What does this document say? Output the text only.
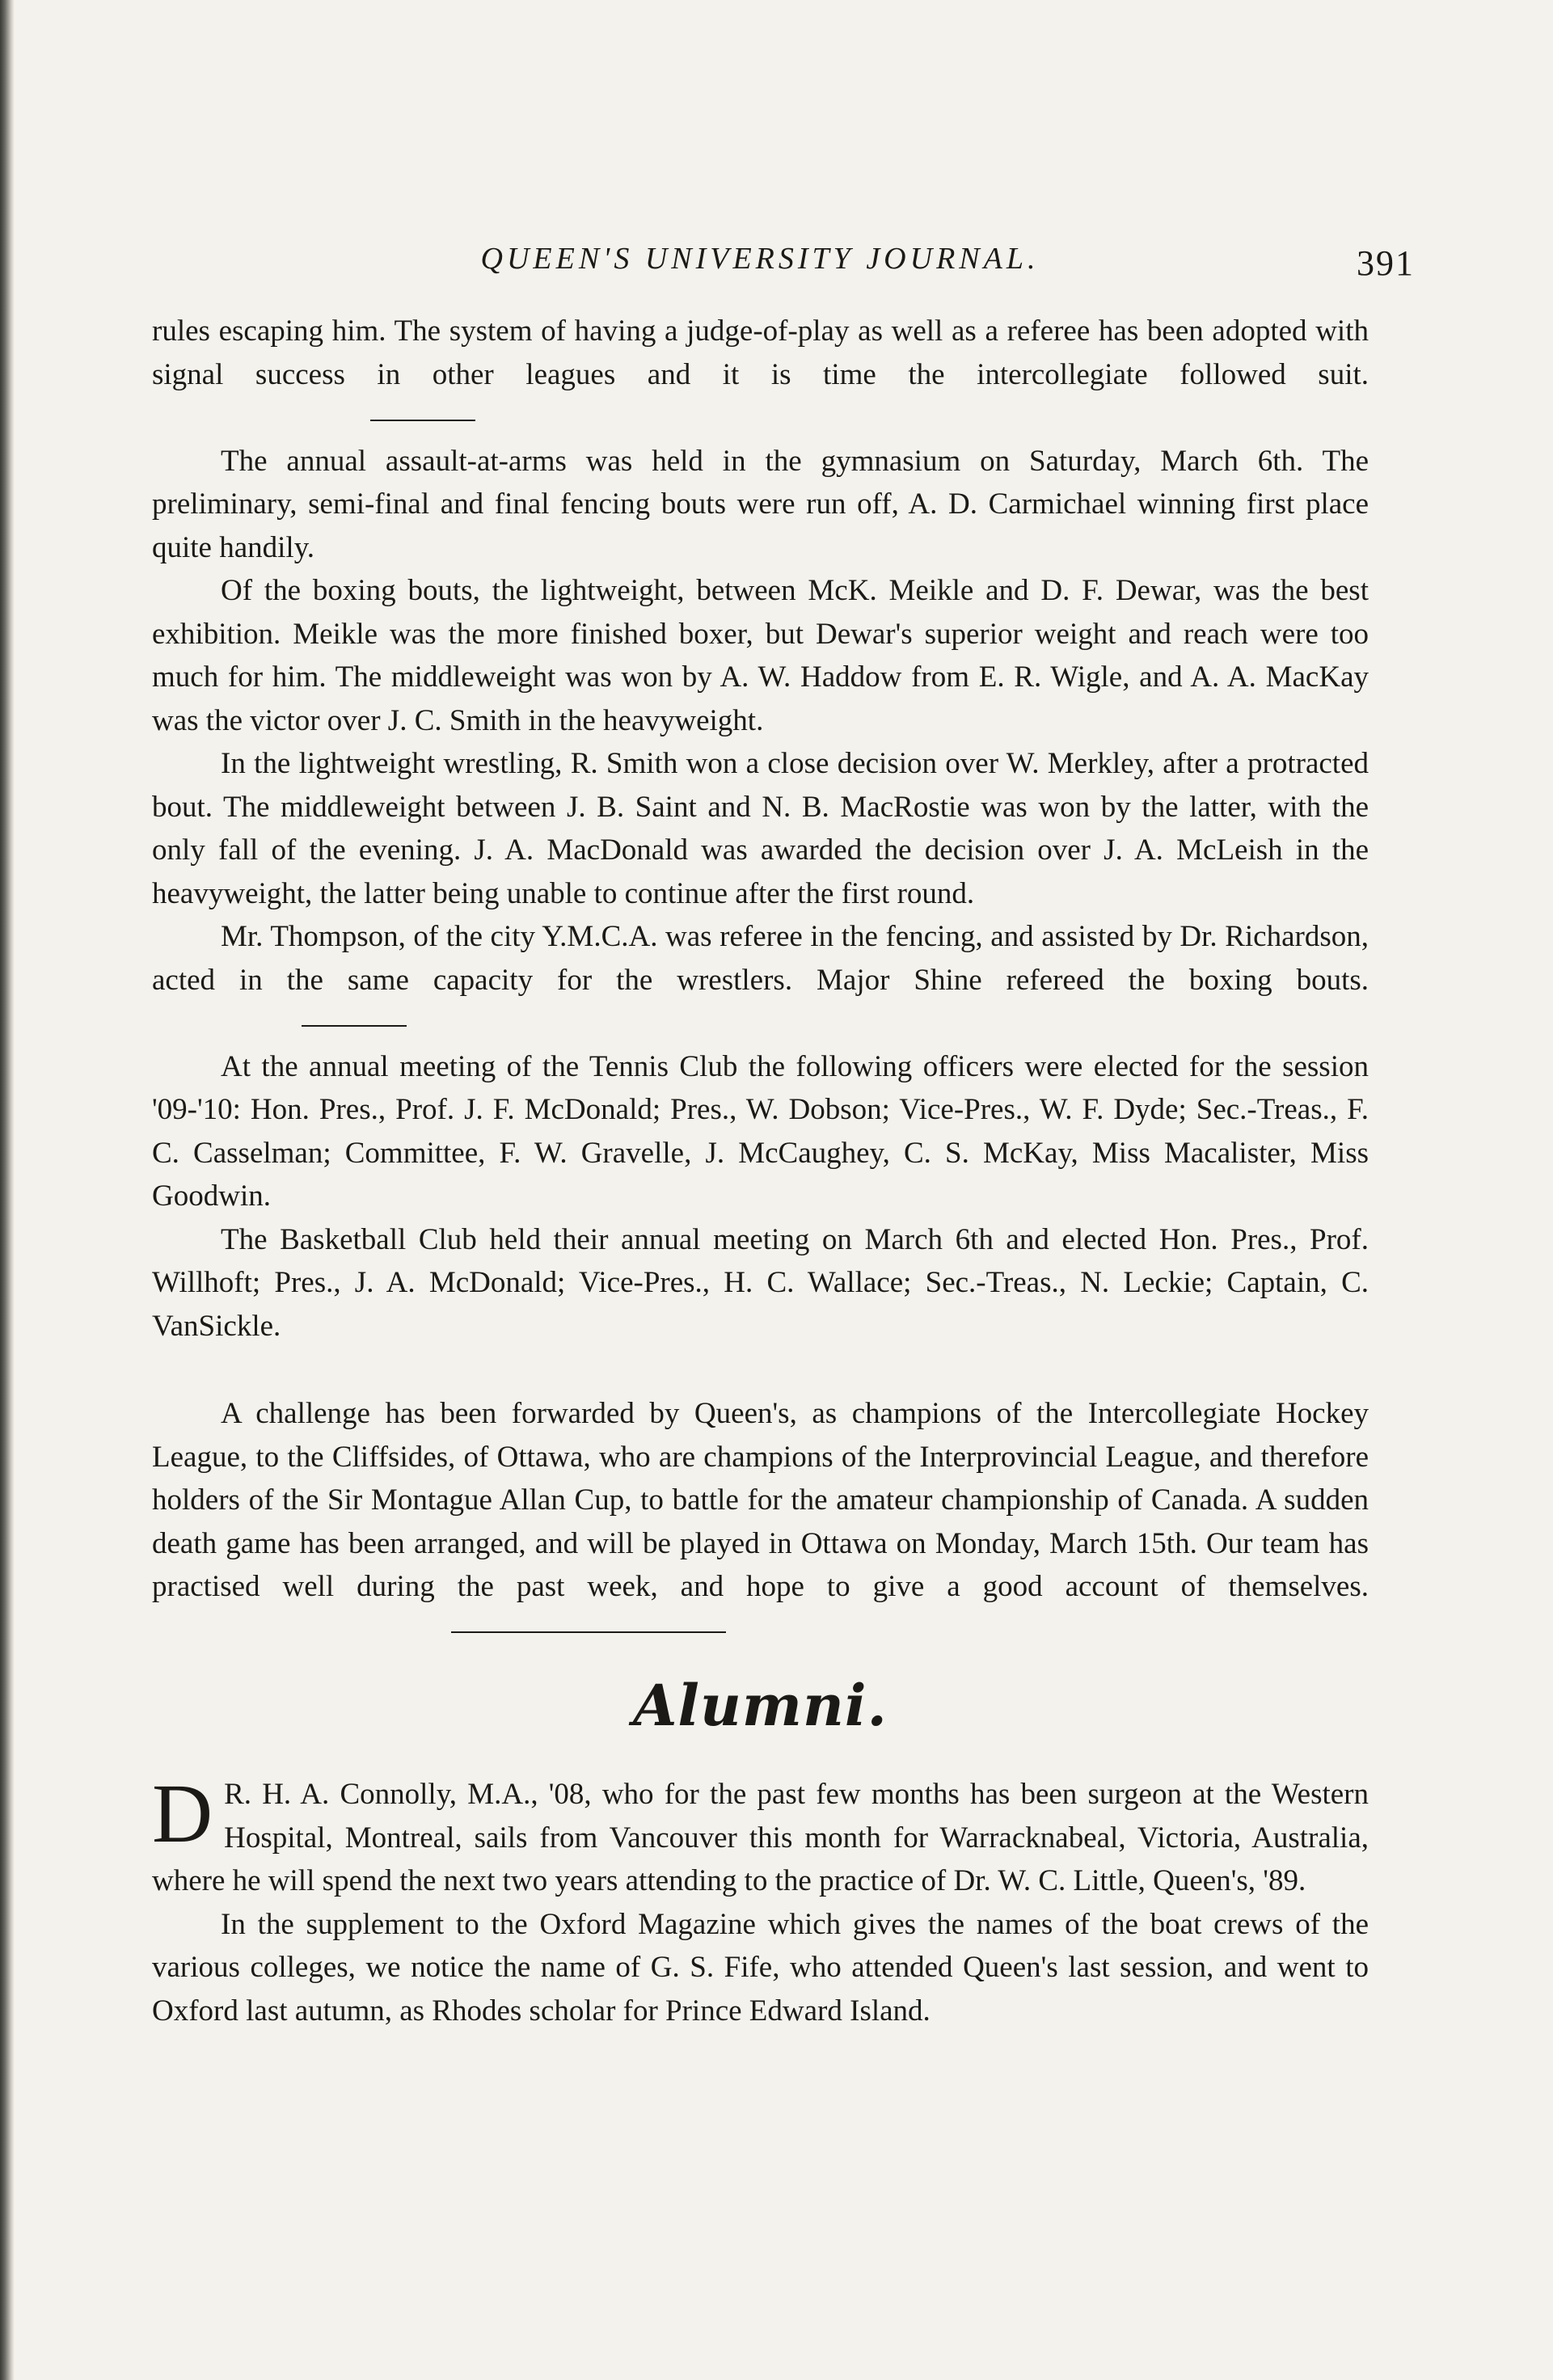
QUEEN'S UNIVERSITY JOURNAL.	391

rules escaping him. The system of having a judge-of-play as well as a referee has been adopted with signal success in other leagues and it is time the intercollegiate followed suit.

The annual assault-at-arms was held in the gymnasium on Saturday, March 6th. The preliminary, semi-final and final fencing bouts were run off, A. D. Carmichael winning first place quite handily.

Of the boxing bouts, the lightweight, between McK. Meikle and D. F. Dewar, was the best exhibition. Meikle was the more finished boxer, but Dewar's superior weight and reach were too much for him. The middleweight was won by A. W. Haddow from E. R. Wigle, and A. A. MacKay was the victor over J. C. Smith in the heavyweight.

In the lightweight wrestling, R. Smith won a close decision over W. Merkley, after a protracted bout. The middleweight between J. B. Saint and N. B. MacRostie was won by the latter, with the only fall of the evening. J. A. MacDonald was awarded the decision over J. A. McLeish in the heavyweight, the latter being unable to continue after the first round.

Mr. Thompson, of the city Y.M.C.A. was referee in the fencing, and assisted by Dr. Richardson, acted in the same capacity for the wrestlers. Major Shine refereed the boxing bouts.

At the annual meeting of the Tennis Club the following officers were elected for the session '09-'10: Hon. Pres., Prof. J. F. McDonald; Pres., W. Dobson; Vice-Pres., W. F. Dyde; Sec.-Treas., F. C. Casselman; Committee, F. W. Gravelle, J. McCaughey, C. S. McKay, Miss Macalister, Miss Goodwin.

The Basketball Club held their annual meeting on March 6th and elected Hon. Pres., Prof. Willhoft; Pres., J. A. McDonald; Vice-Pres., H. C. Wallace; Sec.-Treas., N. Leckie; Captain, C. VanSickle.

A challenge has been forwarded by Queen's, as champions of the Intercollegiate Hockey League, to the Cliffsides, of Ottawa, who are champions of the Interprovincial League, and therefore holders of the Sir Montague Allan Cup, to battle for the amateur championship of Canada. A sudden death game has been arranged, and will be played in Ottawa on Monday, March 15th. Our team has practised well during the past week, and hope to give a good account of themselves.

Alumni.

D R. H. A. Connolly, M.A., '08, who for the past few months has been surgeon at the Western Hospital, Montreal, sails from Vancouver this month for Warracknabeal, Victoria, Australia, where he will spend the next two years attending to the practice of Dr. W. C. Little, Queen's, '89.

In the supplement to the Oxford Magazine which gives the names of the boat crews of the various colleges, we notice the name of G. S. Fife, who attended Queen's last session, and went to Oxford last autumn, as Rhodes scholar for Prince Edward Island.
